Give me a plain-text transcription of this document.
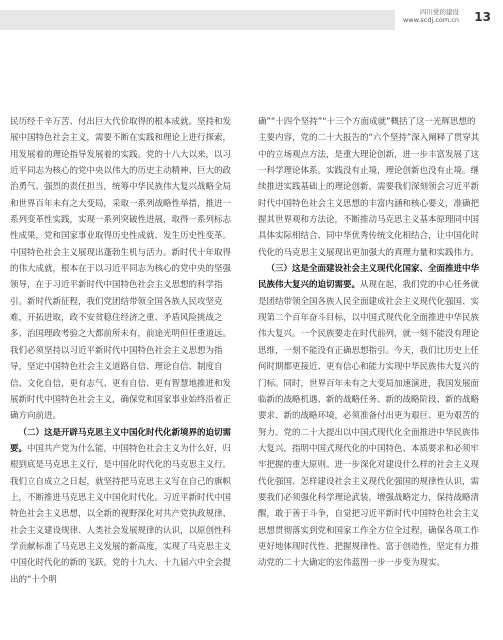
四川党的建设
www.scdj.com.cn 13

民历经千辛万苦、付出巨大代价取得的根本成就。坚持和发展中国特色社会主义，需要不断在实践和理论上进行探索，用发展着的理论指导发展着的实践。党的十八大以来，以习近平同志为核心的党中央以伟大的历史主动精神、巨大的政治勇气、强烈的责任担当，统筹中华民族伟大复兴战略全局和世界百年未有之大变局，采取一系列战略性举措，推进一系列变革性实践，实现一系列突破性进展，取得一系列标志性成果，党和国家事业取得历史性成就、发生历史性变革。中国特色社会主义展现出蓬勃生机与活力。新时代十年取得的伟大成就，根本在于以习近平同志为核心的党中央的坚强领导，在于习近平新时代中国特色社会主义思想的科学指引。新时代新征程，我们党团结带领全国各族人民攻坚克难，开拓进取，政不安贫稳住经济之重、矛盾风险挑战之多、治国理政考验之大都前所未有，前途光明但任重道远。我们必须坚持以习近平新时代中国特色社会主义思想为指导，坚定中国特色社会主义道路自信、理论自信、制度自信、文化自信，更有志气、更有自信、更有智慧地推进和发展新时代中国特色社会主义，确保党和国家事业始终沿着正确方向前进。

（二）这是开辟马克思主义中国化时代化新境界的迫切需要。中国共产党为什么能，中国特色社会主义为什么好，归根到底是马克思主义行，是中国化时代化的马克思主义行。我们立自成立之日起，就坚持把马克思主义写在自己的旗帜上，不断推进马克思主义中国化时代化。习近平新时代中国特色社会主义思想，以全新的视野深化对共产党执政规律、社会主义建设规律、人类社会发展规律的认识，以原创性科学贡献标准了马克思主义发展的新高度，实现了马克思主义中国化时代化的新的飞跃。党的十九大、十九届六中全会提出的“十个明

确”“十四个坚持”“十三个方面成就”概括了这一光辉思想的主要内容，党的二十大报告的“六个坚持”深入阐释了贯穿其中的立场观点方法，是重大理论创新，进一步丰富发展了这一科学理论体系。实践没有止境，理论创新也没有止境。继续推进实践基础上的理论创新，需要我们深刻领会习近平新时代中国特色社会主义思想的丰富内涵和核心要义，准确把握其世界观和方法论，不断推动马克思主义基本原理同中国具体实际相结合、同中华优秀传统文化相结合，让中国化时代化的马克思主义展现出更加强大的真理力量和实践伟力。

（三）这是全面建设社会主义现代化国家、全面推进中华民族伟大复兴的迫切需要。从现在起，我们党的中心任务就是团结带领全国各族人民全面建成社会主义现代化强国、实现第二个百年奋斗目标，以中国式现代化全面推进中华民族伟大复兴。一个民族要走在时代前列，就一刻不能没有理论思维，一刻不能没有正确思想指引。今天，我们比历史上任何时期都更接近、更有信心和能力实现中华民族伟大复兴的门标。同时，世界百年未有之大变局加速演进，我国发展面临新的战略机遇、新的战略任务、新的战略阶段、新的战略要求、新的战略环境，必须准备付出更为艰巨、更为艰苦的努力。党的二十大提出以中国式现代化全面推进中华民族伟大复兴，指明中国式现代化的中国特色、本质要求和必须牢牢把握的重大原则。进一步深化对建设什么样的社会主义现代化强国、怎样建设社会主义现代化强国的规律性认识，需要我们必须强化科学理论武装，增强战略定力，保持战略清醒，敢于善于斗争，自觉把习近平新时代中国特色社会主义思想贯彻落实到党和国家工作全方位全过程，确保各项工作更好地体现时代性、把握规律性、富于创造性，坚定有力推动党的二十大确定的宏伟蓝图一步一步变为现实。
